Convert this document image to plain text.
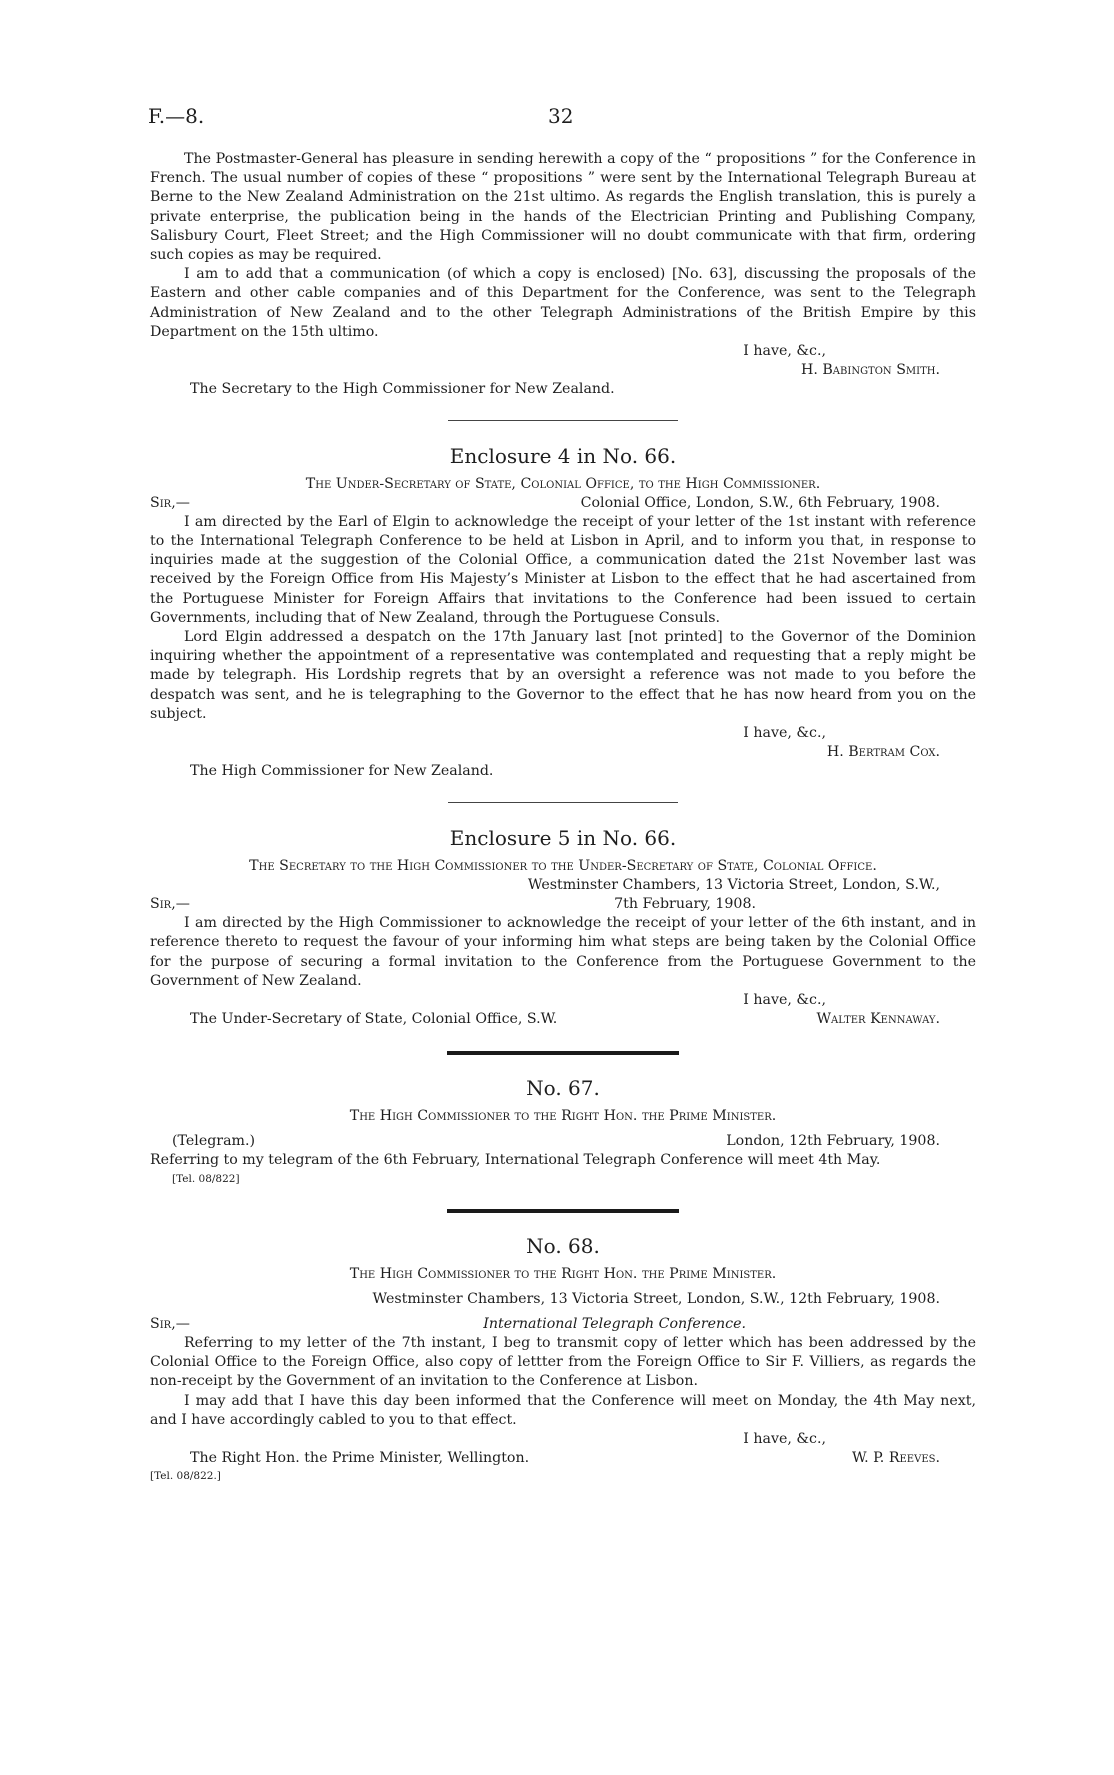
F.—8.	32

The Postmaster-General has pleasure in sending herewith a copy of the “ propositions ” for the Conference in French. The usual number of copies of these “ propositions ” were sent by the International Telegraph Bureau at Berne to the New Zealand Administration on the 21st ultimo. As regards the English translation, this is purely a private enterprise, the publication being in the hands of the Electrician Printing and Publishing Company, Salisbury Court, Fleet Street; and the High Commissioner will no doubt communicate with that firm, ordering such copies as may be required.

I am to add that a communication (of which a copy is enclosed) [No. 63], discussing the proposals of the Eastern and other cable companies and of this Department for the Conference, was sent to the Telegraph Administration of New Zealand and to the other Telegraph Administrations of the British Empire by this Department on the 15th ultimo.

I have, &c.,

H. Babington Smith.

The Secretary to the High Commissioner for New Zealand.

Enclosure 4 in No. 66.

The Under-Secretary of State, Colonial Office, to the High Commissioner.

Sir,—	Colonial Office, London, S.W., 6th February, 1908.

I am directed by the Earl of Elgin to acknowledge the receipt of your letter of the 1st instant with reference to the International Telegraph Conference to be held at Lisbon in April, and to inform you that, in response to inquiries made at the suggestion of the Colonial Office, a communication dated the 21st November last was received by the Foreign Office from His Majesty’s Minister at Lisbon to the effect that he had ascertained from the Portuguese Minister for Foreign Affairs that invitations to the Conference had been issued to certain Governments, including that of New Zealand, through the Portuguese Consuls.

Lord Elgin addressed a despatch on the 17th January last [not printed] to the Governor of the Dominion inquiring whether the appointment of a representative was contemplated and requesting that a reply might be made by telegraph. His Lordship regrets that by an oversight a reference was not made to you before the despatch was sent, and he is telegraphing to the Governor to the effect that he has now heard from you on the subject.

I have, &c.,

H. Bertram Cox.

The High Commissioner for New Zealand.

Enclosure 5 in No. 66.

The Secretary to the High Commissioner to the Under-Secretary of State, Colonial Office.

Westminster Chambers, 13 Victoria Street, London, S.W.,

Sir,—	7th February, 1908.

I am directed by the High Commissioner to acknowledge the receipt of your letter of the 6th instant, and in reference thereto to request the favour of your informing him what steps are being taken by the Colonial Office for the purpose of securing a formal invitation to the Conference from the Portuguese Government to the Government of New Zealand.

I have, &c.,

The Under-Secretary of State, Colonial Office, S.W.	Walter Kennaway.
No. 67.

The High Commissioner to the Right Hon. the Prime Minister.

(Telegram.)	London, 12th February, 1908.

Referring to my telegram of the 6th February, International Telegraph Conference will meet 4th May.

[Tel. 08/822]

No. 68.

The High Commissioner to the Right Hon. the Prime Minister.

Westminster Chambers, 13 Victoria Street, London, S.W., 12th February, 1908.

Sir,—	International Telegraph Conference.

Referring to my letter of the 7th instant, I beg to transmit copy of letter which has been addressed by the Colonial Office to the Foreign Office, also copy of lettter from the Foreign Office to Sir F. Villiers, as regards the non-receipt by the Government of an invitation to the Conference at Lisbon.

I may add that I have this day been informed that the Conference will meet on Monday, the 4th May next, and I have accordingly cabled to you to that effect.

I have, &c.,

The Right Hon. the Prime Minister, Wellington.	W. P. Reeves.

[Tel. 08/822.]
